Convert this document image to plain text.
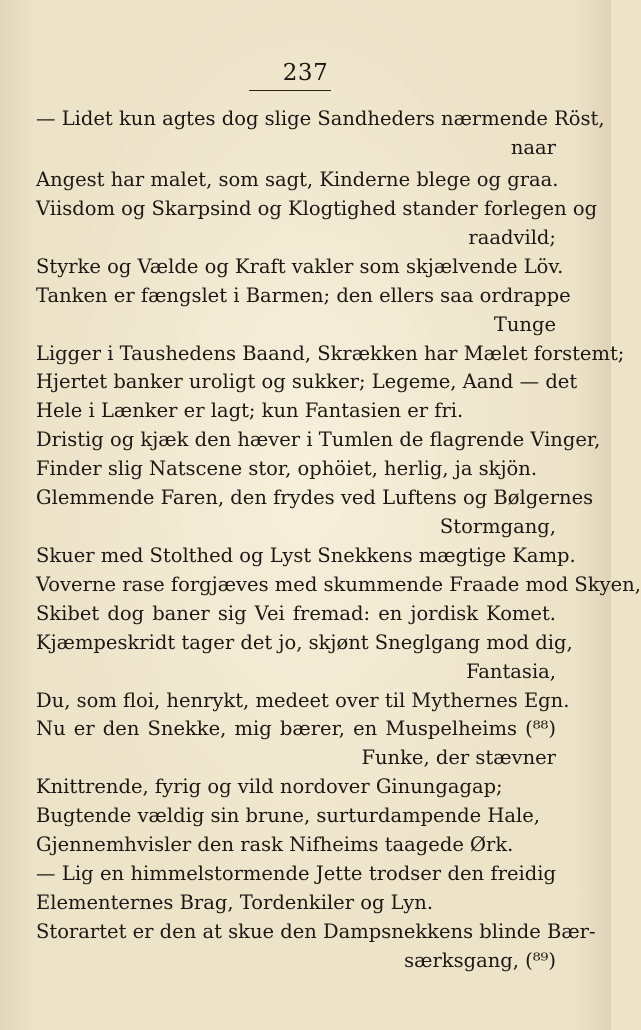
237
— Lidet kun agtes dog slige Sandheders nærmende Röst,
naar
Angest har malet, som sagt, Kinderne blege og graa.
Viisdom og Skarpsind og Klogtighed stander forlegen og
raadvild;
Styrke og Vælde og Kraft vakler som skjælvende Löv.
Tanken er fængslet i Barmen; den ellers saa ordrappe
Tunge
Ligger i Taushedens Baand, Skrækken har Mælet forstemt;
Hjertet banker uroligt og sukker; Legeme, Aand — det
Hele i Lænker er lagt; kun Fantasien er fri.
Dristig og kjæk den hæver i Tumlen de flagrende Vinger,
Finder slig Natscene stor, ophöiet, herlig, ja skjön.
Glemmende Faren, den frydes ved Luftens og Bølgernes
Stormgang,
Skuer med Stolthed og Lyst Snekkens mægtige Kamp.
Voverne rase forgjæves med skummende Fraade mod Skyen,
Skibet dog baner sig Vei fremad: en jordisk Komet.
Kjæmpeskridt tager det jo, skjønt Sneglgang mod dig,
Fantasia,
Du, som floi, henrykt, medeet over til Mythernes Egn.
Nu er den Snekke, mig bærer, en Muspelheims (⁸⁸)
Funke, der stævner
Knittrende, fyrig og vild nordover Ginungagap;
Bugtende vældig sin brune, surturdampende Hale,
Gjennemhvisler den rask Nifheims taagede Ørk.
— Lig en himmelstormende Jette trodser den freidig
Elementernes Brag, Tordenkiler og Lyn.
Storartet er den at skue den Dampsnekkens blinde Bær-
særksgang, (⁸⁹)
